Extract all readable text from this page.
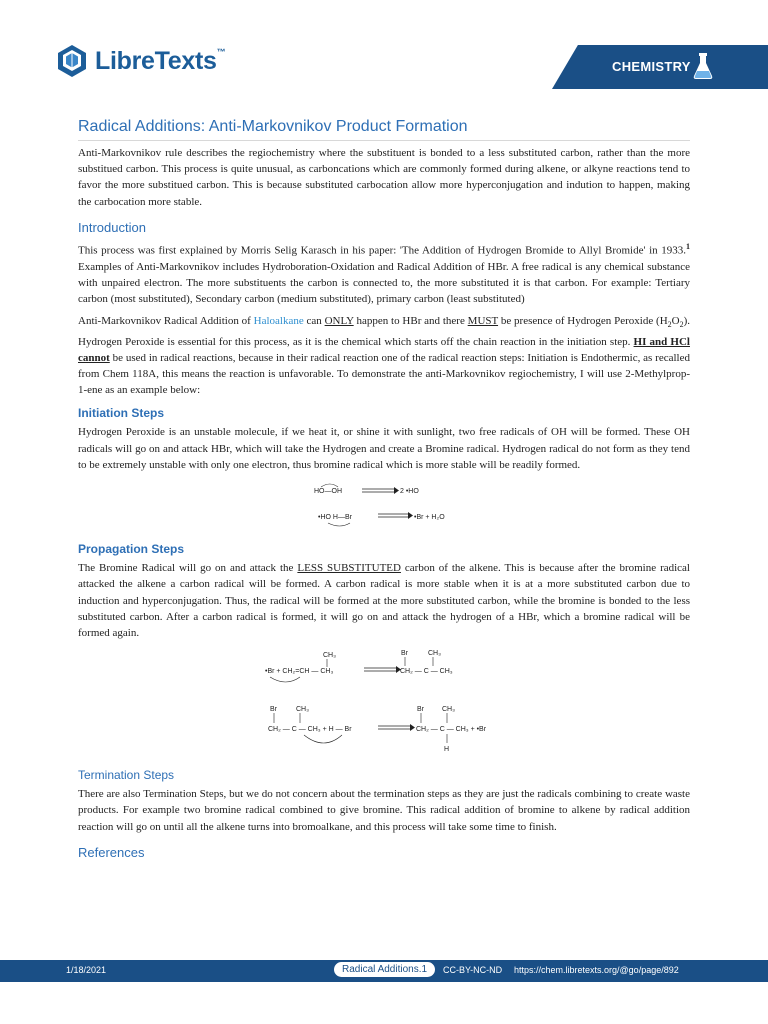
LibreTexts™
CHEMISTRY
Radical Additions: Anti-Markovnikov Product Formation

Anti-Markovnikov rule describes the regiochemistry where the substituent is bonded to a less substituted carbon, rather than the more substitued carbon. This process is quite unusual, as carboncations which are commonly formed during alkene, or alkyne reactions tend to favor the more substitued carbon. This is because substituted carbocation allow more hyperconjugation and indution to happen, making the carbocation more stable.

Introduction

This process was first explained by Morris Selig Karasch in his paper: 'The Addition of Hydrogen Bromide to Allyl Bromide' in 1933.$^1$ Examples of Anti-Markovnikov includes Hydroboration-Oxidation and Radical Addition of HBr. A free radical is any chemical substance with unpaired electron. The more substituents the carbon is connected to, the more substituted it is that carbon. For example: Tertiary carbon (most substituted), Secondary carbon (medium substituted), primary carbon (least substituted)

Anti-Markovnikov Radical Addition of Haloalkane can ONLY happen to HBr and there MUST be presence of Hydrogen Peroxide $(H_2O_2)$. Hydrogen Peroxide is essential for this process, as it is the chemical which starts off the chain reaction in the initiation step. HI and HCl cannot be used in radical reactions, because in their radical reaction one of the radical reaction steps: Initiation is Endothermic, as recalled from Chem 118A, this means the reaction is unfavorable. To demonstrate the anti-Markovnikov regiochemistry, I will use 2-Methylprop-1-ene as an example below:

Initiation Steps

Hydrogen Peroxide is an unstable molecule, if we heat it, or shine it with sunlight, two free radicals of OH will be formed. These OH radicals will go on and attack HBr, which will take the Hydrogen and create a Bromine radical. Hydrogen radical do not form as they tend to be extremely unstable with only one electron, thus bromine radical which is more stable will be readily formed.

HO—OH	2 •HO
•HO H—Br	•Br + H₂O
Propagation Steps

The Bromine Radical will go on and attack the LESS SUBSTITUTED carbon of the alkene. This is because after the bromine radical attacked the alkene a carbon radical will be formed. A carbon radical is more stable when it is at a more substituted carbon due to induction and hyperconjugation. Thus, the radical will be formed at the more substituted carbon, while the bromine is bonded to the less substituted carbon. After a carbon radical is formed, it will go on and attack the hydrogen of a HBr, which a bromine radical will be formed again.

CH₃
•Br + CH₂=CH — CH₃
Br	CH₃
CH₂ — C — CH₃
Br	CH₃
CH₂ — C — CH₃ + H — Br
Br	CH₃
CH₂ — C — CH₃ + •Br
H
Termination Steps

There are also Termination Steps, but we do not concern about the termination steps as they are just the radicals combining to create waste products. For example two bromine radical combined to give bromine. This radical addition of bromine to alkene by radical addition reaction will go on until all the alkene turns into bromoalkane, and this process will take some time to finish.

References
1/18/2021	Radical Additions.1	CC-BY-NC-ND https://chem.libretexts.org/@go/page/892
